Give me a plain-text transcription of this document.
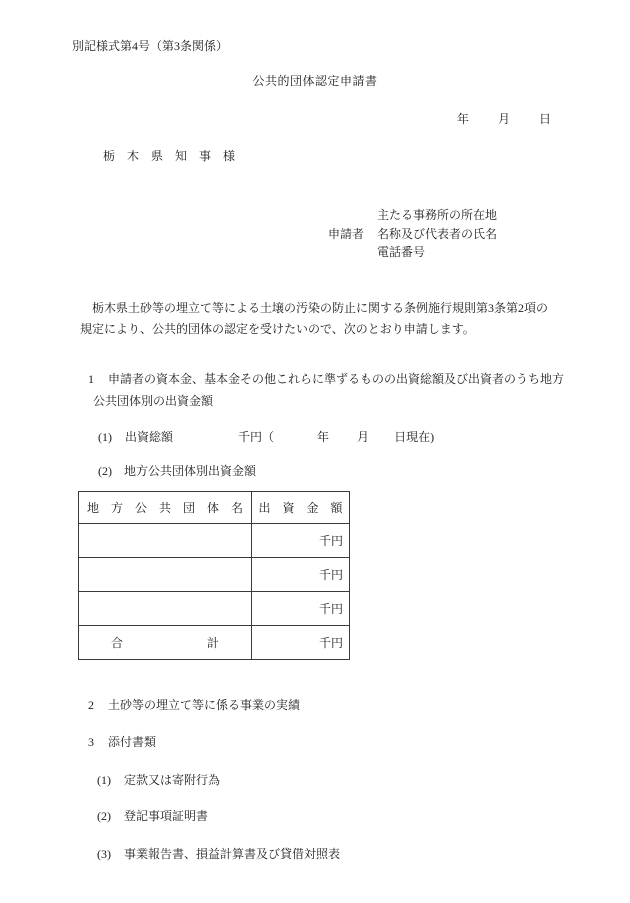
別記様式第4号（第3条関係）
公共的団体認定申請書
年 月 日
栃　木　県　知　事　様
主たる事務所の所在地
申請者 名称及び代表者の氏名
電話番号
栃木県土砂等の埋立て等による土壌の汚染の防止に関する条例施行規則第3条第2項の規定により、公共的団体の認定を受けたいので、次のとおり申請します。
1 申請者の資本金、基本金その他これらに準ずるものの出資総額及び出資者のうち地方
公共団体別の出資金額
(1) 出資総額	千円（	年 月 日現在)
(2) 地方公共団体別出資金額
地　方　公　共　団　体　名	出　資　金　額
	千円
	千円
	千円
合　　　　　　　計	千円
2 土砂等の埋立て等に係る事業の実績
3 添付書類
(1) 定款又は寄附行為
(2) 登記事項証明書
(3) 事業報告書、損益計算書及び貸借対照表
